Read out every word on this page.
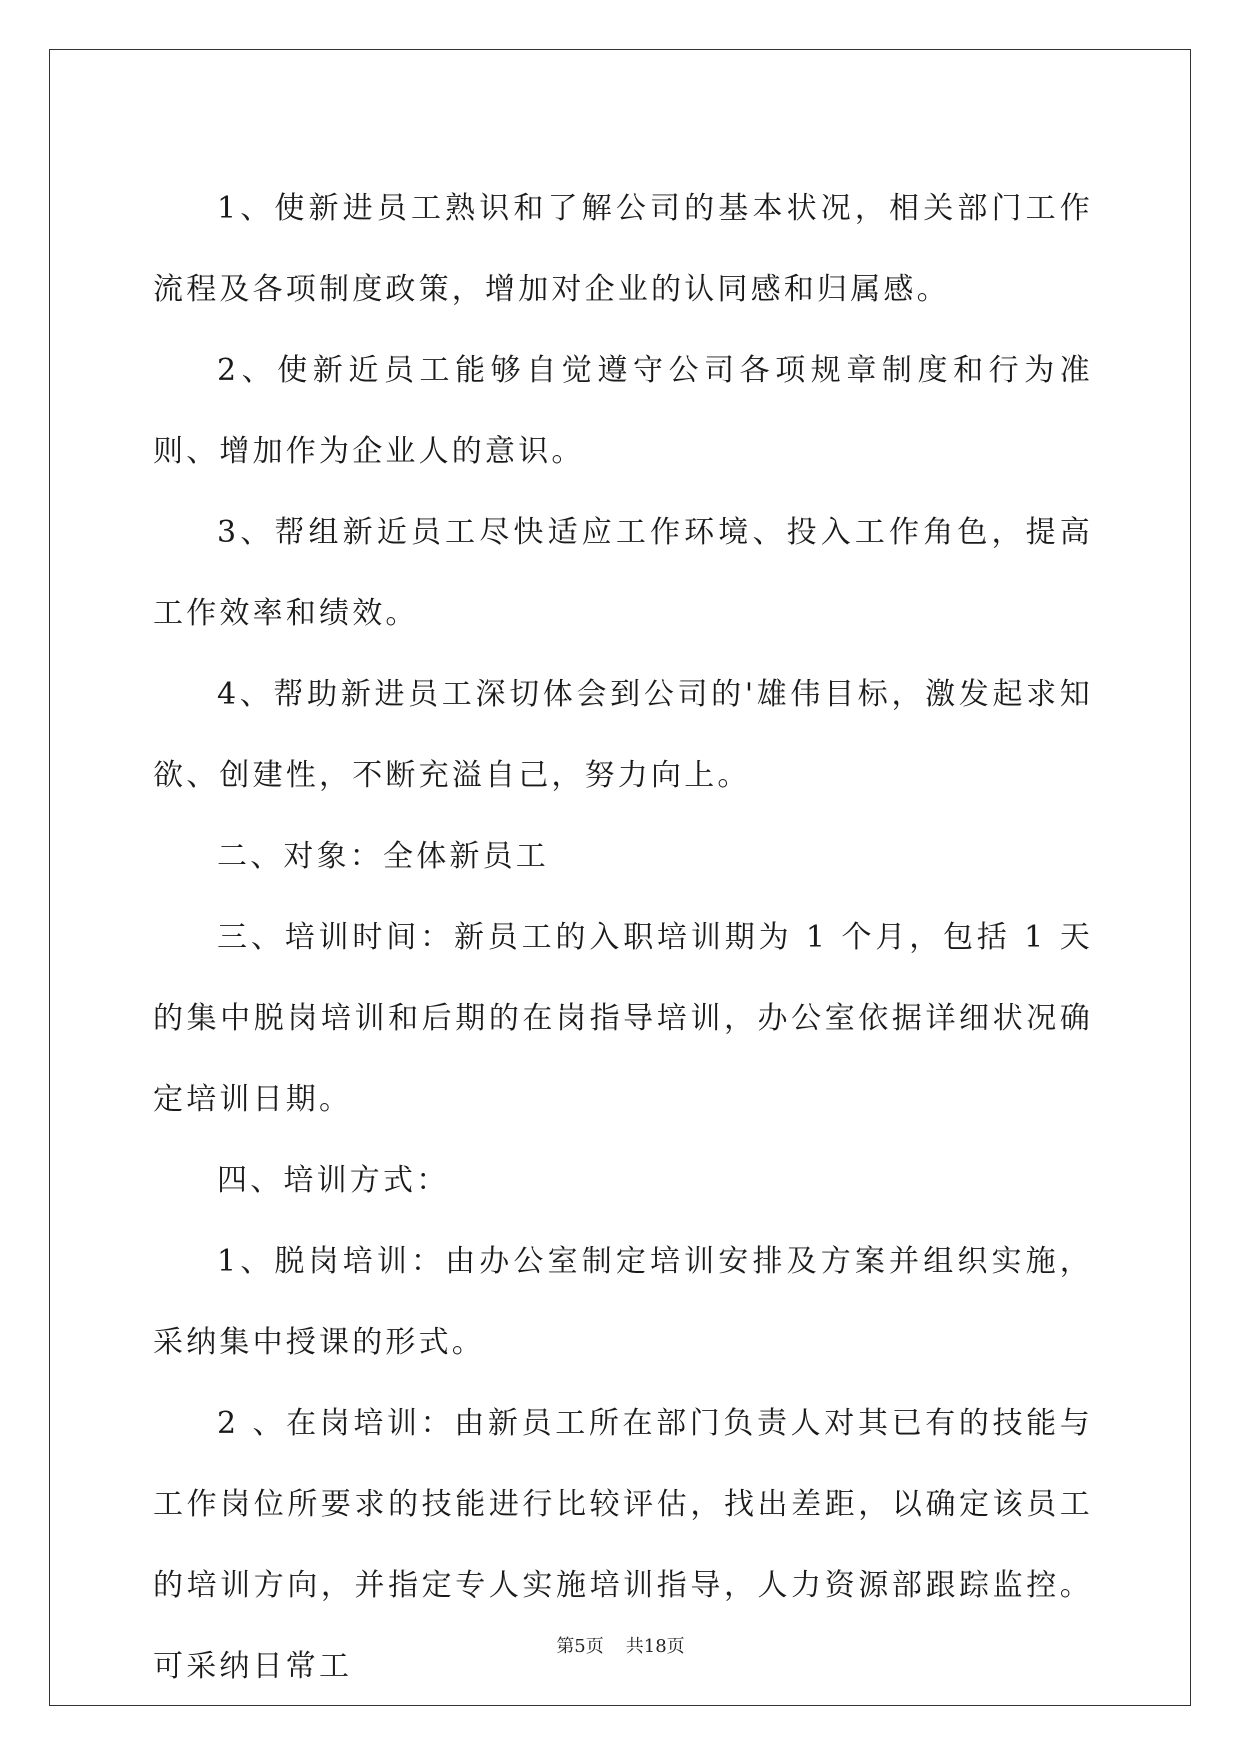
1、使新进员工熟识和了解公司的基本状况，相关部门工作流程及各项制度政策，增加对企业的认同感和归属感。

2、使新近员工能够自觉遵守公司各项规章制度和行为准则、增加作为企业人的意识。

3、帮组新近员工尽快适应工作环境、投入工作角色，提高工作效率和绩效。

4、帮助新进员工深切体会到公司的'雄伟目标，激发起求知欲、创建性，不断充溢自己，努力向上。

二、对象：全体新员工

三、培训时间：新员工的入职培训期为 1 个月，包括 1 天的集中脱岗培训和后期的在岗指导培训，办公室依据详细状况确定培训日期。

四、培训方式：

1、脱岗培训：由办公室制定培训安排及方案并组织实施，采纳集中授课的形式。

2 、在岗培训：由新员工所在部门负责人对其已有的技能与工作岗位所要求的技能进行比较评估，找出差距，以确定该员工的培训方向，并指定专人实施培训指导，人力资源部跟踪监控。可采纳日常工

第5页 共18页
